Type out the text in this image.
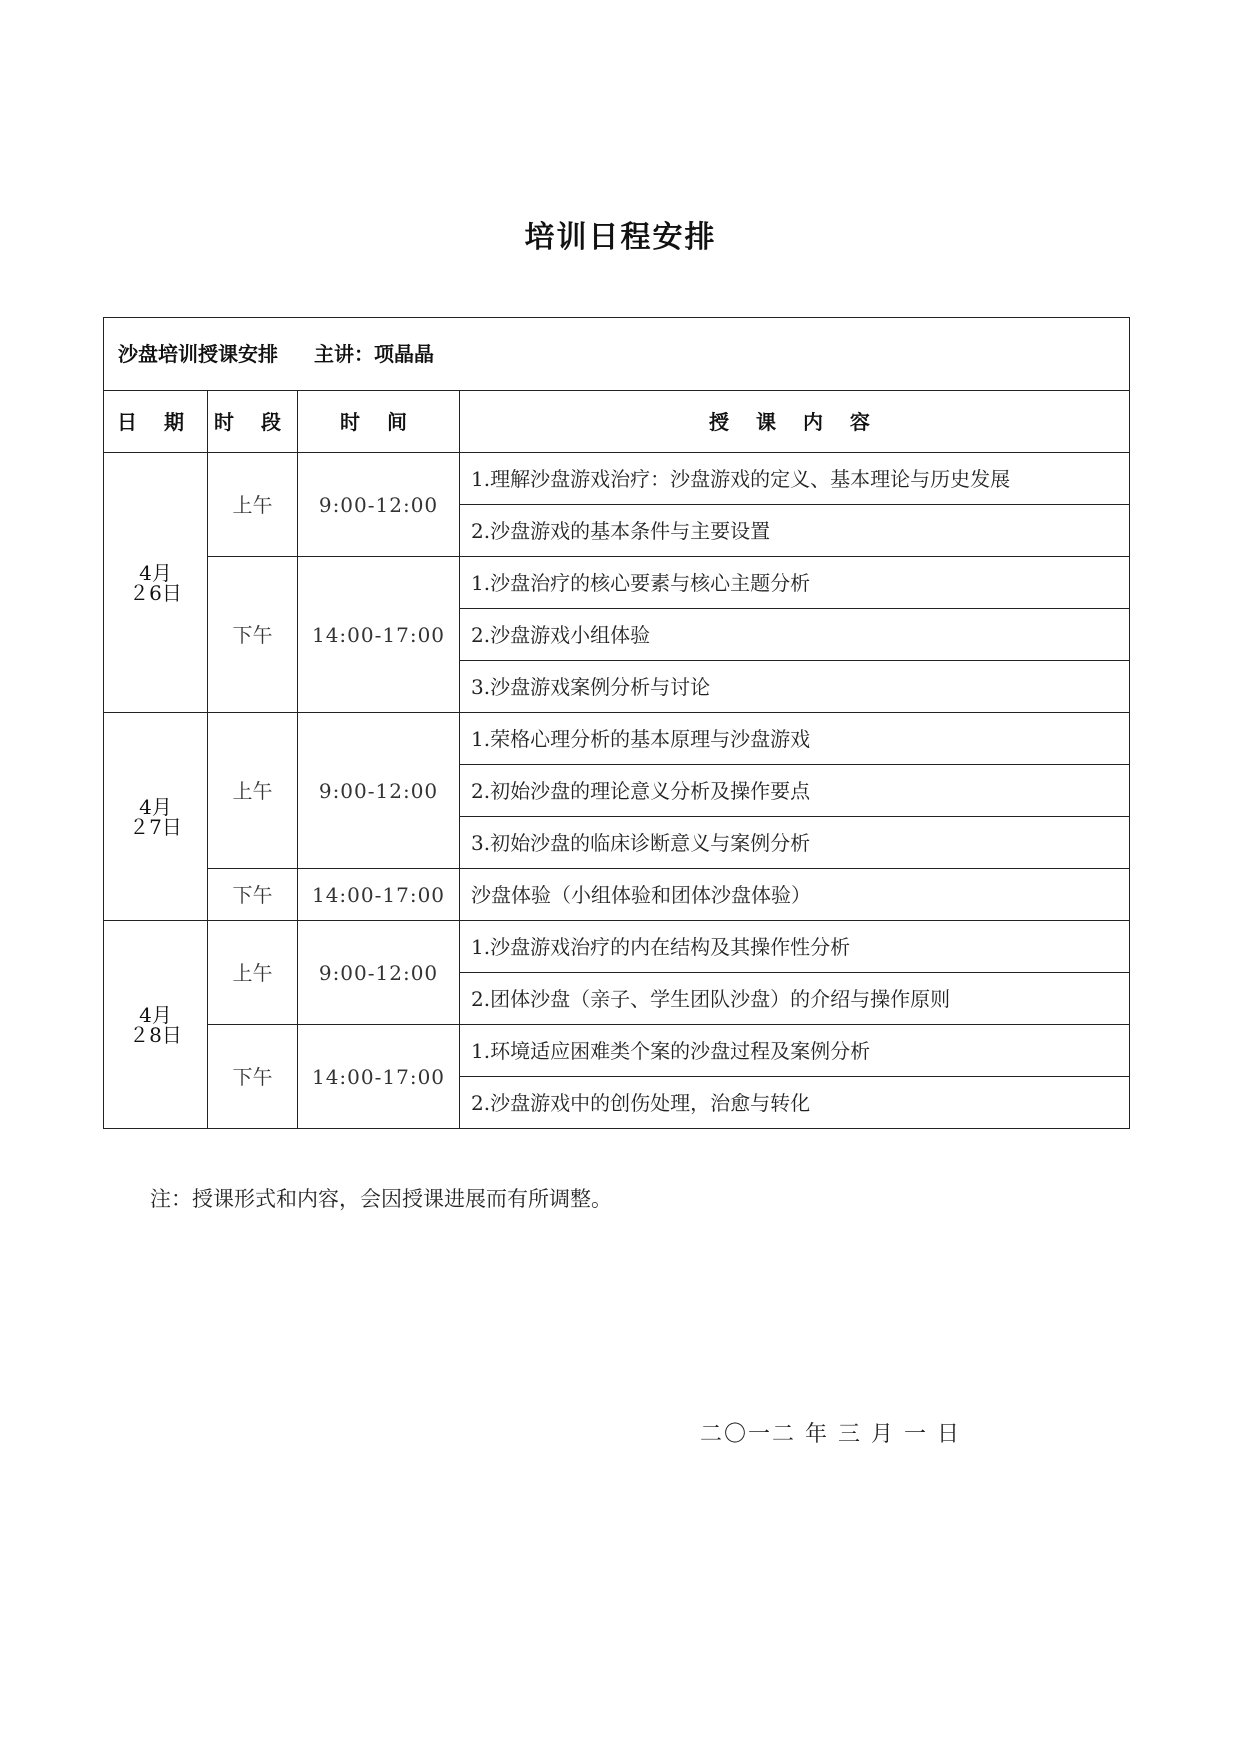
培训日程安排
沙盘培训授课安排 主讲：项晶晶			
日 期	时 段	时 间	授 课 内 容

4月
２6日	上午	9:00-12:00	1.理解沙盘游戏治疗：沙盘游戏的定义、基本理论与历史发展
			2.沙盘游戏的基本条件与主要设置
	下午	14:00-17:00	1.沙盘治疗的核心要素与核心主题分析
			2.沙盘游戏小组体验
			3.沙盘游戏案例分析与讨论

4月
２7日	上午	9:00-12:00	1.荣格心理分析的基本原理与沙盘游戏
			2.初始沙盘的理论意义分析及操作要点
			3.初始沙盘的临床诊断意义与案例分析
	下午	14:00-17:00	沙盘体验（小组体验和团体沙盘体验）

4月
２8日	上午	9:00-12:00	1.沙盘游戏治疗的内在结构及其操作性分析
			2.团体沙盘（亲子、学生团队沙盘）的介绍与操作原则
	下午	14:00-17:00	1.环境适应困难类个案的沙盘过程及案例分析
			2.沙盘游戏中的创伤处理，治愈与转化

注：授课形式和内容，会因授课进展而有所调整。

二〇一二 年 三 月 一 日
